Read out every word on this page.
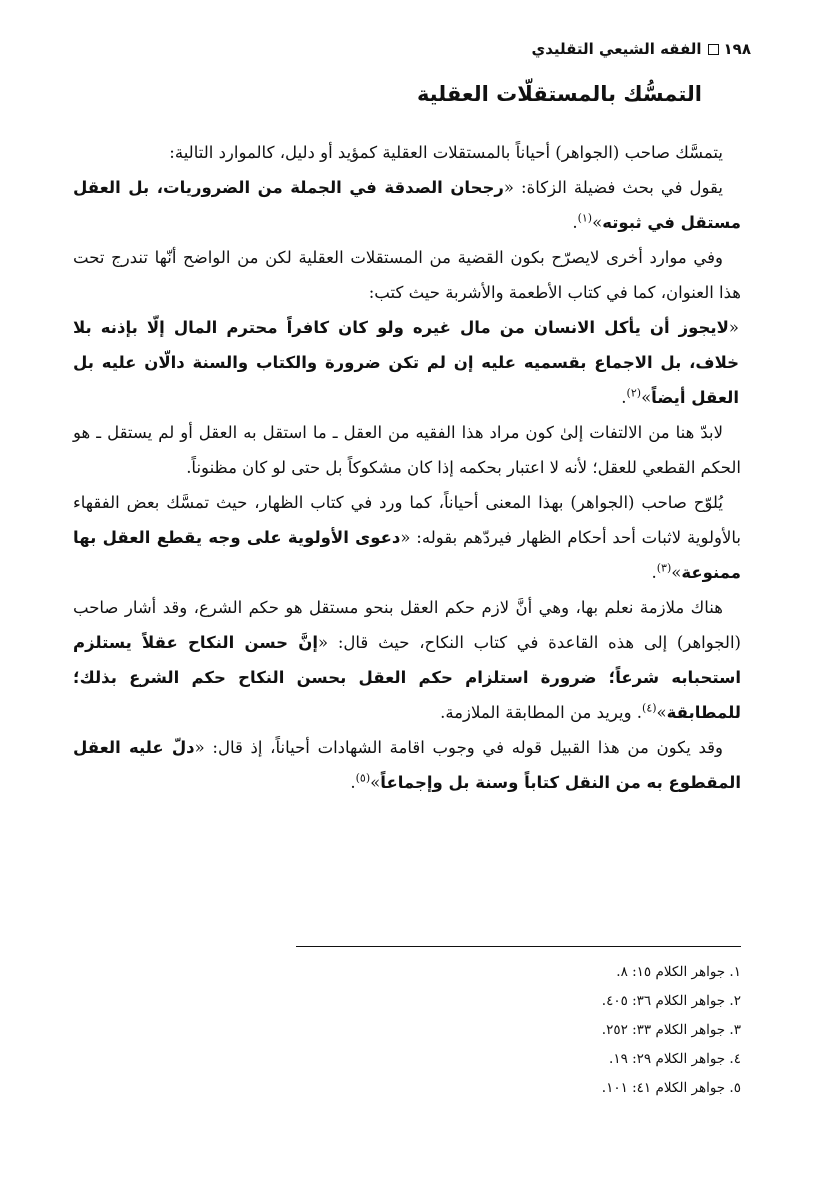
١٩٨
الفقه الشيعي التقليدي
التمسُّك بالمستقلّات العقلية

يتمسَّك صاحب (الجواهر) أحياناً بالمستقلات العقلية كمؤيد أو دليل، كالموارد التالية:

يقول في بحث فضيلة الزكاة: «رجحان الصدقة في الجملة من الضروريات، بل العقل مستقل في ثبوته»$^{(١)}$.

وفي موارد أخرى لايصرّح بكون القضية من المستقلات العقلية لكن من الواضح أنّها تندرج تحت هذا العنوان، كما في كتاب الأطعمة والأشربة حيث كتب:

«لايجوز أن يأكل الانسان من مال غيره ولو كان كافراً محترم المال إلّا بإذنه بلا خلاف، بل الاجماع بقسميه عليه إن لم تكن ضرورة والكتاب والسنة دالّان عليه بل العقل أيضاً»$^{(٢)}$.

لابدّ هنا من الالتفات إلىٰ كون مراد هذا الفقيه من العقل ـ ما استقل به العقل أو لم يستقل ـ هو الحكم القطعي للعقل؛ لأنه لا اعتبار بحكمه إذا كان مشكوكاً بل حتى لو كان مظنوناً.

يُلوّح صاحب (الجواهر) بهذا المعنى أحياناً، كما ورد في كتاب الظهار، حيث تمسَّك بعض الفقهاء بالأولوية لاثبات أحد أحكام الظهار فيردّهم بقوله: «دعوى الأولوية على وجه يقطع العقل بها ممنوعة»$^{(٣)}$.

هناك ملازمة نعلم بها، وهي أنَّ لازم حكم العقل بنحو مستقل هو حكم الشرع، وقد أشار صاحب (الجواهر) إلى هذه القاعدة في كتاب النكاح، حيث قال: «إنَّ حسن النكاح عقلاً يستلزم استحبابه شرعاً؛ ضرورة استلزام حكم العقل بحسن النكاح حكم الشرع بذلك؛ للمطابقة»$^{(٤)}$. ويريد من المطابقة الملازمة.

وقد يكون من هذا القبيل قوله في وجوب اقامة الشهادات أحياناً، إذ قال: «دلّ عليه العقل المقطوع به من النقل كتاباً وسنة بل وإجماعاً»$^{(٥)}$.

١. جواهر الكلام ١٥: ٨.

٢. جواهر الكلام ٣٦: ٤٠٥.

٣. جواهر الكلام ٣٣: ٢٥٢.

٤. جواهر الكلام ٢٩: ١٩.

٥. جواهر الكلام ٤١: ١٠١.
